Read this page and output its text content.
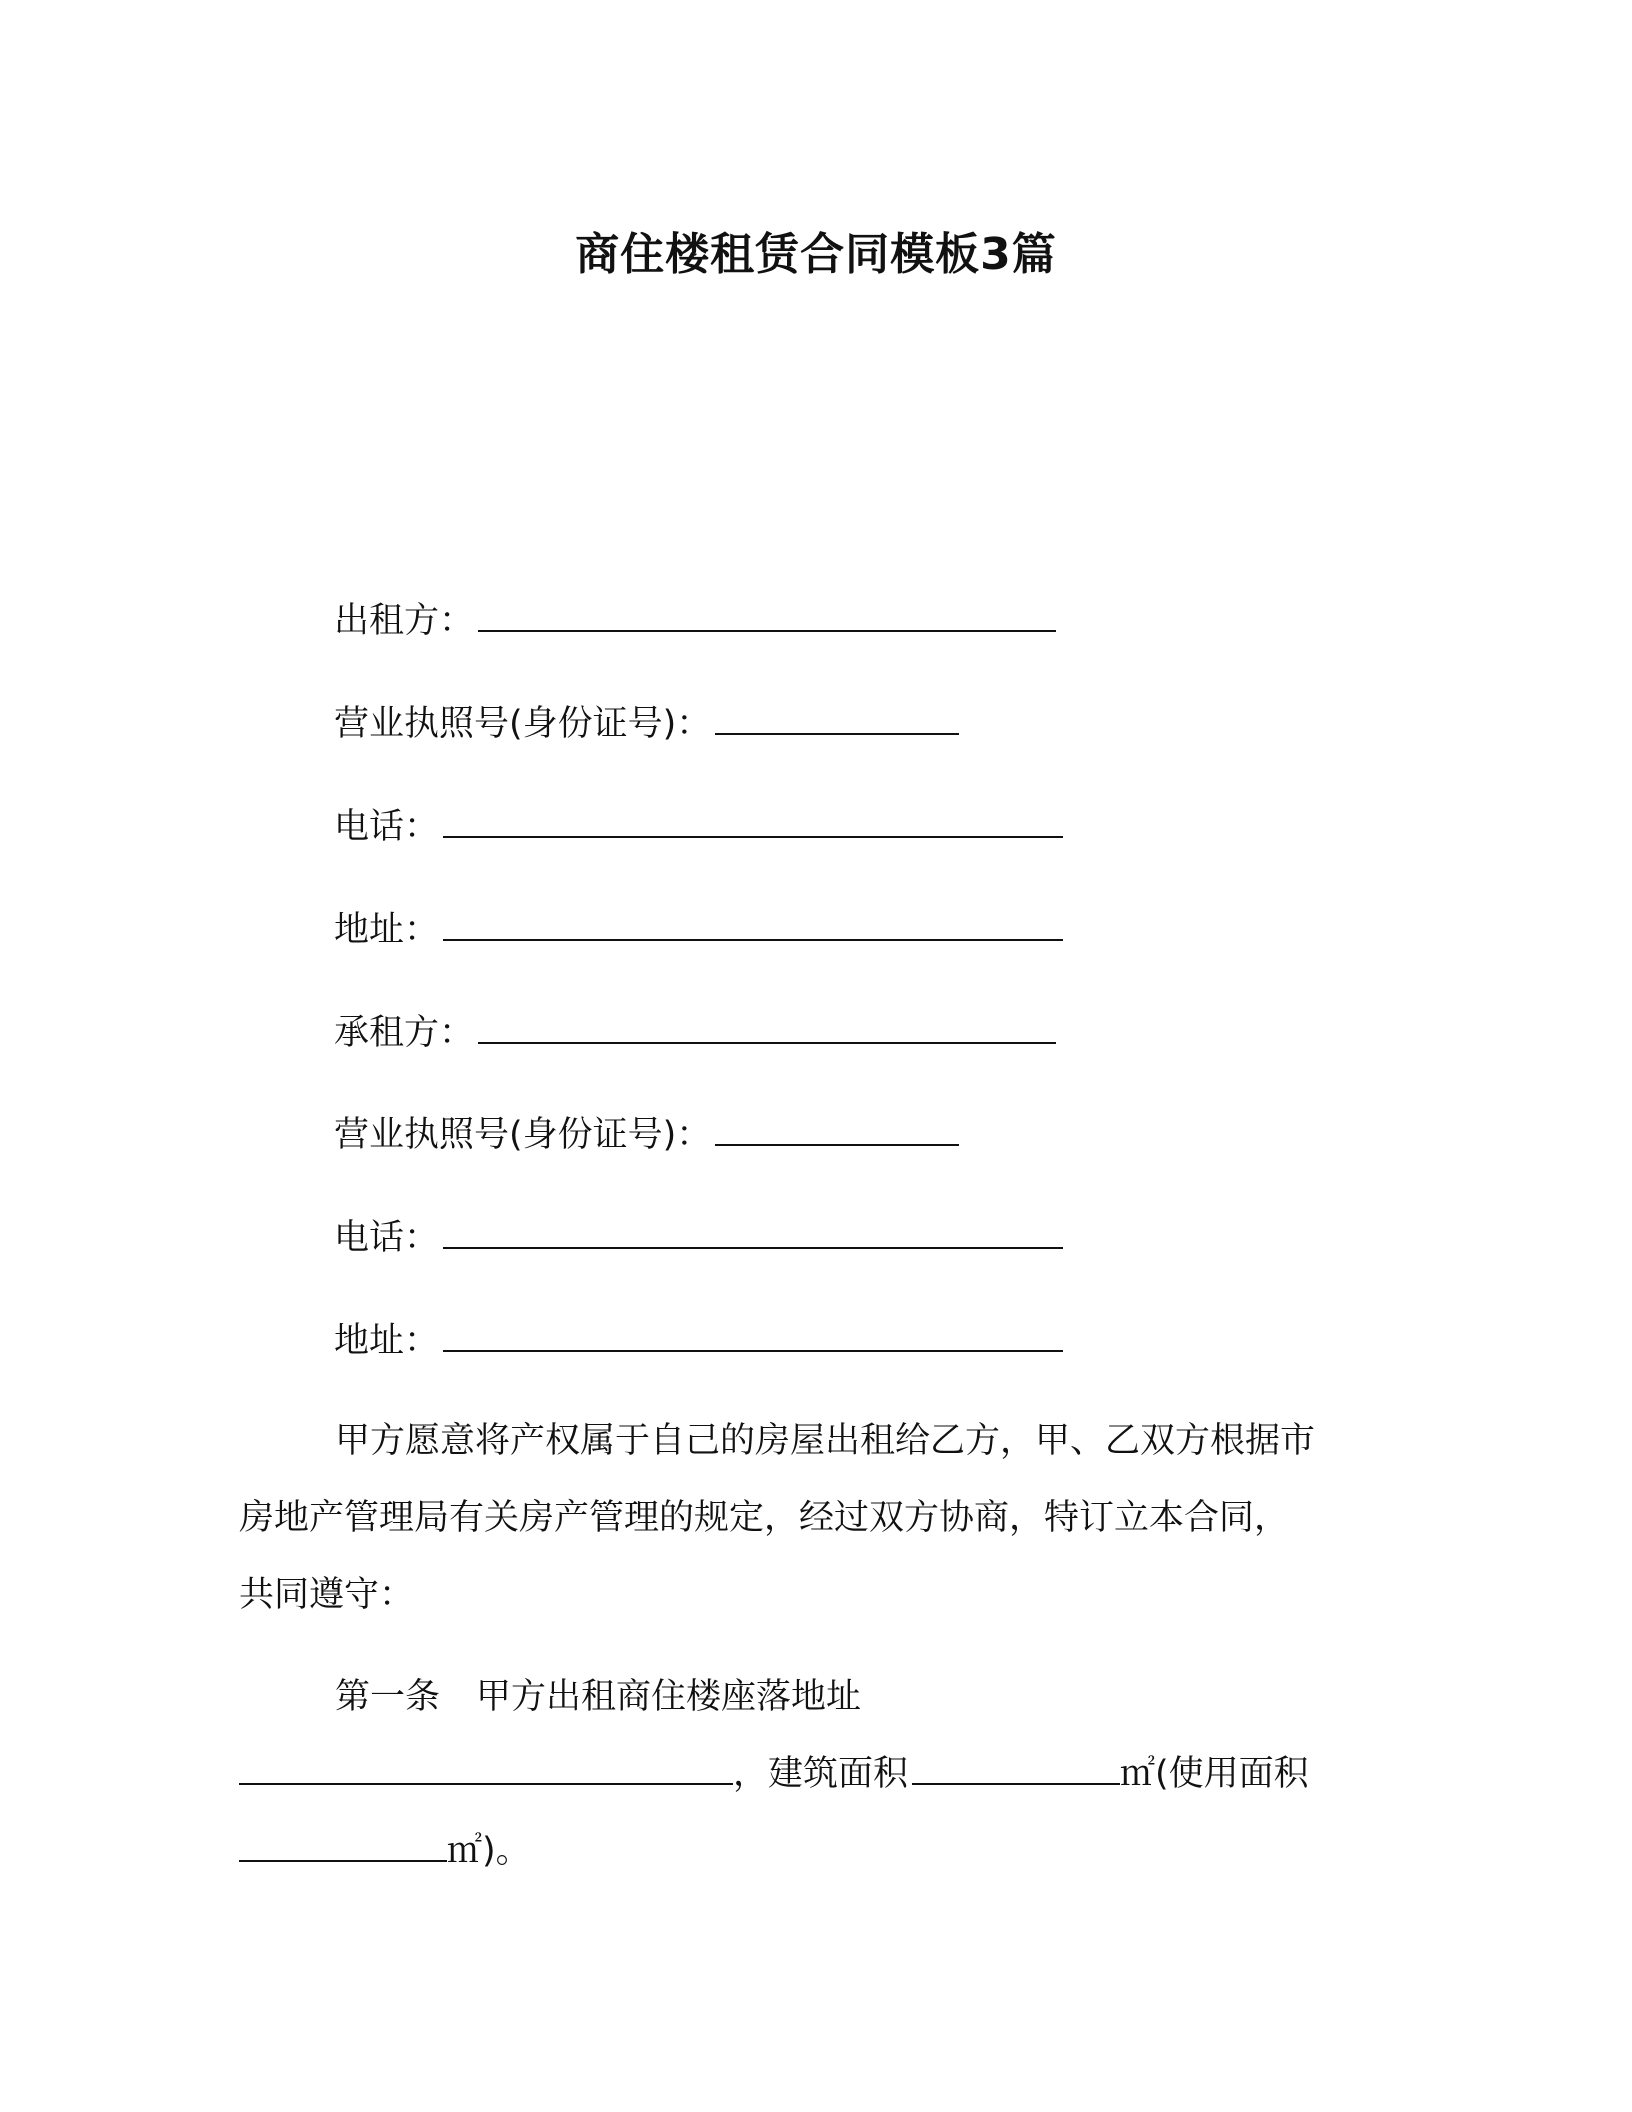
商住楼租赁合同模板3篇
出租方：
营业执照号(身份证号)：
电话：
地址：
承租方：
营业执照号(身份证号)：
电话：
地址：
甲方愿意将产权属于自己的房屋出租给乙方，甲、乙双方根据市
房地产管理局有关房产管理的规定，经过双方协商，特订立本合同，
共同遵守：
第一条 甲方出租商住楼座落地址
，建筑面积	㎡(使用面积
㎡)。
